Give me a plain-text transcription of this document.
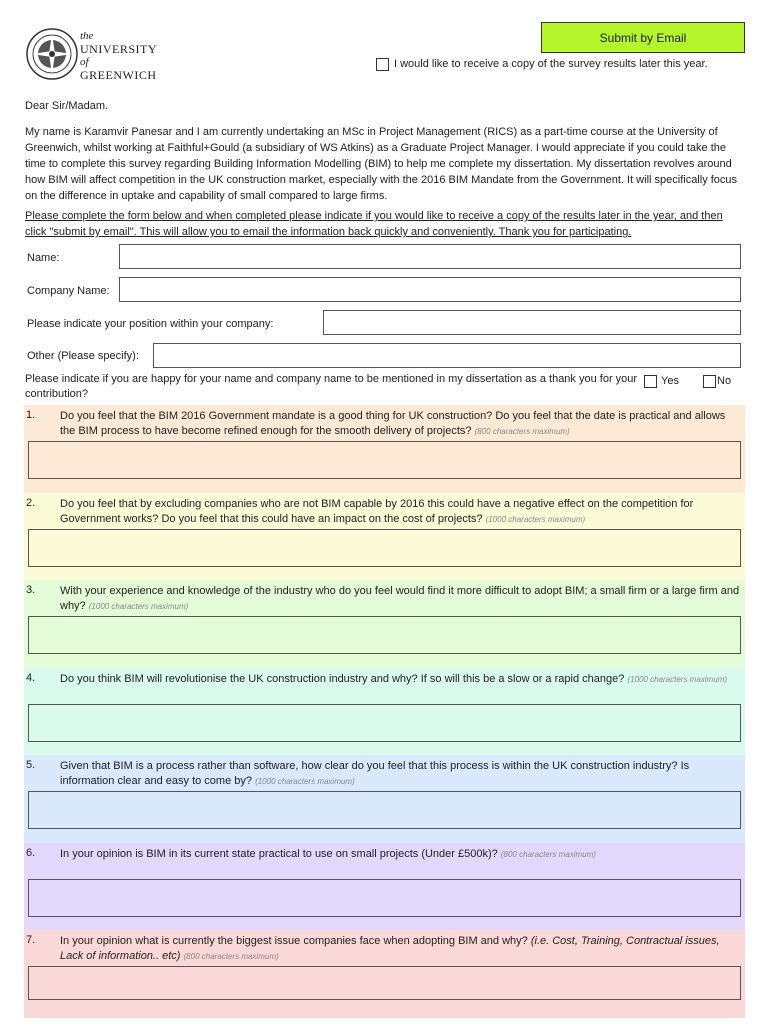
the
UNIVERSITY
of
GREENWICH
Submit by Email
I would like to receive a copy of the survey results later this year.
Dear Sir/Madam.
My name is Karamvir Panesar and I am currently undertaking an MSc in Project Management (RICS) as a part-time course at the University of Greenwich, whilst working at Faithful+Gould (a subsidiary of WS Atkins) as a Graduate Project Manager. I would appreciate if you could take the time to complete this survey regarding Building Information Modelling (BIM) to help me complete my dissertation. My dissertation revolves around how BIM will affect competition in the UK construction market, especially with the 2016 BIM Mandate from the Government. It will specifically focus on the difference in uptake and capability of small compared to large firms.
Please complete the form below and when completed please indicate if you would like to receive a copy of the results later in the year, and then click "submit by email". This will allow you to email the information back quickly and conveniently. Thank you for participating.
Name:
Company Name:
Please indicate your position within your company:
Other (Please specify):
Please indicate if you are happy for your name and company name to be mentioned in my dissertation as a thank you for your contribution?
Yes	No
1. Do you feel that the BIM 2016 Government mandate is a good thing for UK construction? Do you feel that the date is practical and allows the BIM process to have become refined enough for the smooth delivery of projects? (800 characters maximum)
2. Do you feel that by excluding companies who are not BIM capable by 2016 this could have a negative effect on the competition for Government works? Do you feel that this could have an impact on the cost of projects? (1000 characters maximum)
3. With your experience and knowledge of the industry who do you feel would find it more difficult to adopt BIM; a small firm or a large firm and why? (1000 characters maximum)
4. Do you think BIM will revolutionise the UK construction industry and why? If so will this be a slow or a rapid change? (1000 characters maximum)
5. Given that BIM is a process rather than software, how clear do you feel that this process is within the UK construction industry? Is information clear and easy to come by? (1000 characters maximum)
6. In your opinion is BIM in its current state practical to use on small projects (Under £500k)? (800 characters maximum)
7. In your opinion what is currently the biggest issue companies face when adopting BIM and why? (i.e. Cost, Training, Contractual issues, Lack of information.. etc) (800 characters maximum)
